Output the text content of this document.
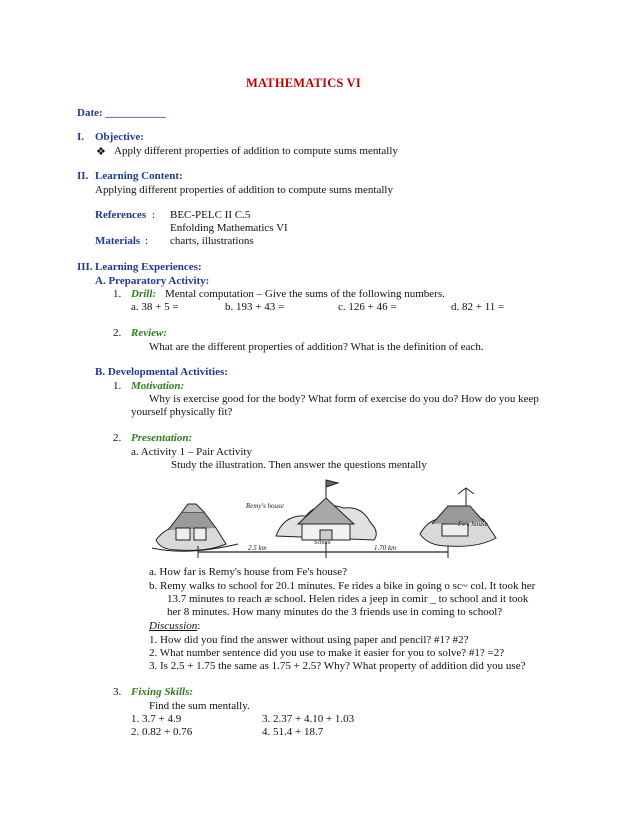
MATHEMATICS VI
Date: ___________
I. Objective:
❖ Apply different properties of addition to compute sums mentally
II. Learning Content:
Applying different properties of addition to compute sums mentally
References : BEC-PELC II C.5
Enfolding Mathematics VI
Materials : charts, illustrations
III. Learning Experiences:
A. Preparatory Activity:
1. Drill: Mental computation – Give the sums of the following numbers.
a. 38 + 5 =	b. 193 + 43 =	c. 126 + 46 =	d. 82 + 11 =
2. Review:
What are the different properties of addition? What is the definition of each.
B. Developmental Activities:
1. Motivation:
Why is exercise good for the body? What form of exercise do you do? How do you keep
yourself physically fit?
2. Presentation:
a. Activity 1 – Pair Activity
Study the illustration. Then answer the questions mentally
Remy's house
School
Fe's house
2.5 km	1.70 km
a. How far is Remy's house from Fe's house?
b. Remy walks to school for 20.1 minutes. Fe rides a bike in going o sc~ col. It took her
13.7 minutes to reach æ school. Helen rides a jeep in comir _ to school and it took
her 8 minutes. How many minutes do the 3 friends use in coming to school?
Discussion:
1. How did you find the answer without using paper and pencil? #1? #2?
2. What number sentence did you use to make it easier for you to solve? #1? =2?
3. Is 2.5 + 1.75 the same as 1.75 + 2.5? Why? What property of addition did you use?
3. Fixing Skills:
Find the sum mentally.
1. 3.7 + 4.9	3. 2.37 + 4.10 + 1.03
2. 0.82 + 0.76	4. 51.4 + 18.7
